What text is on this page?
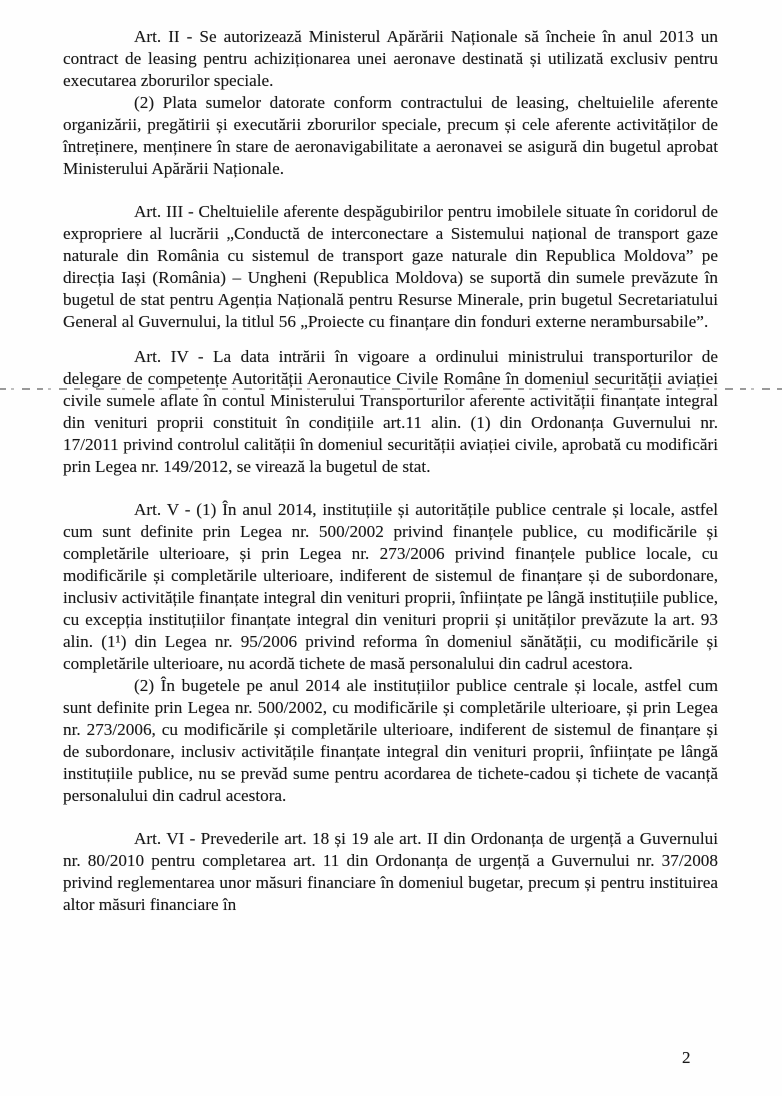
Art. II - Se autorizează Ministerul Apărării Naționale să încheie în anul 2013 un contract de leasing pentru achiziționarea unei aeronave destinată și utilizată exclusiv pentru executarea zborurilor speciale.

(2) Plata sumelor datorate conform contractului de leasing, cheltuielile aferente organizării, pregătirii și executării zborurilor speciale, precum și cele aferente activităților de întreținere, menținere în stare de aeronavigabilitate a aeronavei se asigură din bugetul aprobat Ministerului Apărării Naționale.

Art. III - Cheltuielile aferente despăgubirilor pentru imobilele situate în coridorul de expropriere al lucrării „Conductă de interconectare a Sistemului național de transport gaze naturale din România cu sistemul de transport gaze naturale din Republica Moldova” pe direcția Iași (România) – Ungheni (Republica Moldova) se suportă din sumele prevăzute în bugetul de stat pentru Agenția Națională pentru Resurse Minerale, prin bugetul Secretariatului General al Guvernului, la titlul 56 „Proiecte cu finanțare din fonduri externe nerambursabile”.

Art. IV - La data intrării în vigoare a ordinului ministrului transporturilor de delegare de competențe Autorității Aeronautice Civile Române în domeniul securității aviației civile sumele aflate în contul Ministerului Transporturilor aferente activității finanțate integral din venituri proprii constituit în condițiile art.11 alin. (1) din Ordonanța Guvernului nr. 17/2011 privind controlul calității în domeniul securității aviației civile, aprobată cu modificări prin Legea nr. 149/2012, se virează la bugetul de stat.

Art. V - (1) În anul 2014, instituțiile și autoritățile publice centrale și locale, astfel cum sunt definite prin Legea nr. 500/2002 privind finanțele publice, cu modificările și completările ulterioare, și prin Legea nr. 273/2006 privind finanțele publice locale, cu modificările și completările ulterioare, indiferent de sistemul de finanțare și de subordonare, inclusiv activitățile finanțate integral din venituri proprii, înființate pe lângă instituțiile publice, cu excepția instituțiilor finanțate integral din venituri proprii și unităților prevăzute la art. 93 alin. (1¹) din Legea nr. 95/2006 privind reforma în domeniul sănătății, cu modificările și completările ulterioare, nu acordă tichete de masă personalului din cadrul acestora.

(2) În bugetele pe anul 2014 ale instituțiilor publice centrale și locale, astfel cum sunt definite prin Legea nr. 500/2002, cu modificările și completările ulterioare, și prin Legea nr. 273/2006, cu modificările și completările ulterioare, indiferent de sistemul de finanțare și de subordonare, inclusiv activitățile finanțate integral din venituri proprii, înființate pe lângă instituțiile publice, nu se prevăd sume pentru acordarea de tichete-cadou și tichete de vacanță personalului din cadrul acestora.

Art. VI - Prevederile art. 18 și 19 ale art. II din Ordonanța de urgență a Guvernului nr. 80/2010 pentru completarea art. 11 din Ordonanța de urgență a Guvernului nr. 37/2008 privind reglementarea unor măsuri financiare în domeniul bugetar, precum și pentru instituirea altor măsuri financiare în

2
